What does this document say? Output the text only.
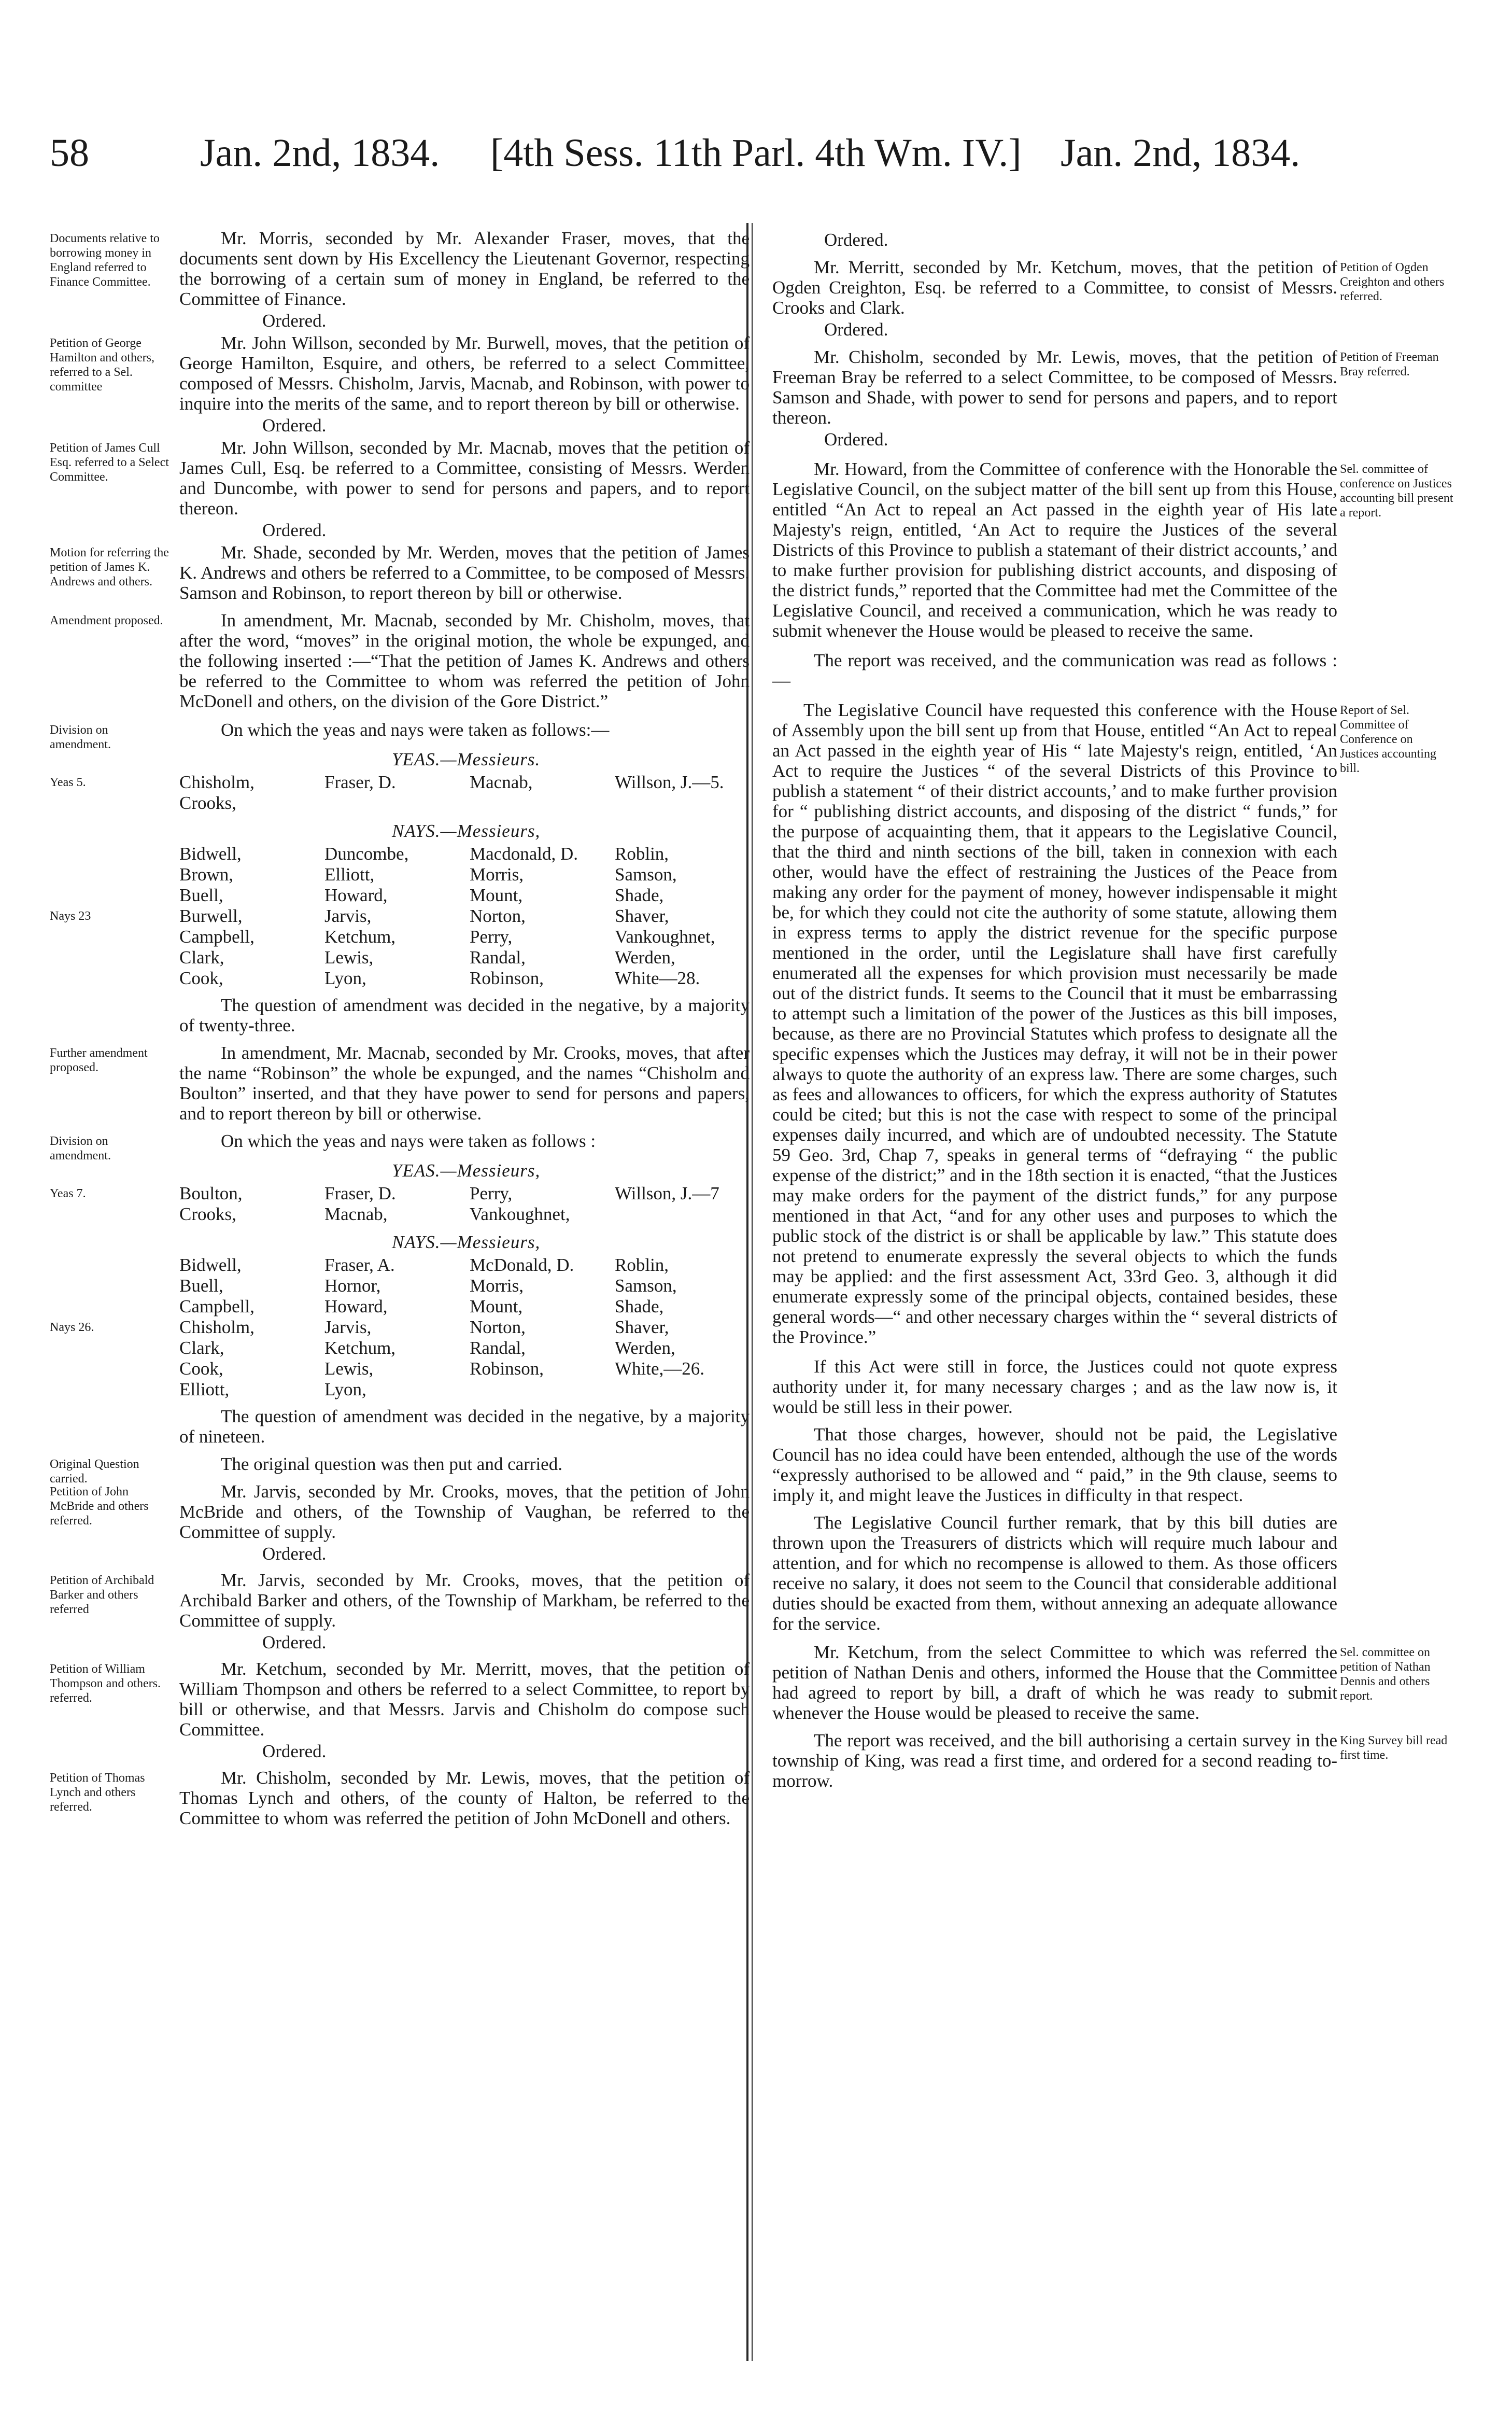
58	Jan. 2nd, 1834. [4th Sess. 11th Parl. 4th Wm. IV.] Jan. 2nd, 1834.
Documents relative to borrowing money in England referred to Finance Committee.
Mr. Morris, seconded by Mr. Alexander Fraser, moves, that the documents sent down by His Excellency the Lieutenant Governor, respecting the borrowing of a certain sum of money in England, be referred to the Committee of Finance.
Ordered.
Petition of George Hamilton and others, referred to a Sel. committee
Mr. John Willson, seconded by Mr. Burwell, moves, that the petition of George Hamilton, Esquire, and others, be referred to a select Committee, composed of Messrs. Chisholm, Jarvis, Macnab, and Robinson, with power to inquire into the merits of the same, and to report thereon by bill or otherwise.
Ordered.
Petition of James Cull Esq. referred to a Select Committee.
Mr. John Willson, seconded by Mr. Macnab, moves that the petition of James Cull, Esq. be referred to a Committee, consisting of Messrs. Werden and Duncombe, with power to send for persons and papers, and to report thereon.
Ordered.
Motion for referring the petition of James K. Andrews and others.
Mr. Shade, seconded by Mr. Werden, moves that the petition of James K. Andrews and others be referred to a Committee, to be composed of Messrs. Samson and Robinson, to report thereon by bill or otherwise.
Amendment proposed.	In amendment, Mr. Macnab, seconded by Mr. Chisholm, moves, that after the word, “moves” in the original motion, the whole be expunged, and the following inserted :—“That the petition of James K. Andrews and others be referred to the Committee to whom was referred the petition of John McDonell and others, on the division of the Gore District.”
Division on amendment.
On which the yeas and nays were taken as follows:—
YEAS.—Messieurs.
Yeas 5.	Chisholm,	Fraser, D.	Macnab,	Willson, J.—5.
Crooks,
NAYS.—Messieurs,
Nays 23
Bidwell,	Duncombe,	Macdonald, D.	Roblin,
Brown,	Elliott,	Morris,	Samson,
Buell,	Howard,	Mount,	Shade,
Burwell,	Jarvis,	Norton,	Shaver,
Campbell,	Ketchum,	Perry,	Vankoughnet,
Clark,	Lewis,	Randal,	Werden,
Cook,	Lyon,	Robinson,	White—28.
The question of amendment was decided in the negative, by a majority of twenty-three.
Further amendment proposed.
In amendment, Mr. Macnab, seconded by Mr. Crooks, moves, that after the name “Robinson” the whole be expunged, and the names “Chisholm and Boulton” inserted, and that they have power to send for persons and papers, and to report thereon by bill or otherwise.
Division on amendment.
On which the yeas and nays were taken as follows :
YEAS.—Messieurs,
Yeas 7.	Boulton,	Fraser, D.	Perry,	Willson, J.—7
Crooks,	Macnab,	Vankoughnet,
NAYS.—Messieurs,
Nays 26.
Bidwell,	Fraser, A.	McDonald, D.	Roblin,
Buell,	Hornor,	Morris,	Samson,
Campbell,	Howard,	Mount,	Shade,
Chisholm,	Jarvis,	Norton,	Shaver,
Clark,	Ketchum,	Randal,	Werden,
Cook,	Lewis,	Robinson,	White,—26.
Elliott,	Lyon,
The question of amendment was decided in the negative, by a majority of nineteen.
Original Question carried.
The original question was then put and carried.
Petition of John McBride and others referred.
Mr. Jarvis, seconded by Mr. Crooks, moves, that the petition of John McBride and others, of the Township of Vaughan, be referred to the Committee of supply.
Ordered.
Petition of Archibald Barker and others referred
Mr. Jarvis, seconded by Mr. Crooks, moves, that the petition of Archibald Barker and others, of the Township of Markham, be referred to the Committee of supply.
Ordered.
Petition of William Thompson and others. referred.
Mr. Ketchum, seconded by Mr. Merritt, moves, that the petition of William Thompson and others be referred to a select Committee, to report by bill or otherwise, and that Messrs. Jarvis and Chisholm do compose such Committee.
Ordered.
Petition of Thomas Lynch and others referred.
Mr. Chisholm, seconded by Mr. Lewis, moves, that the petition of Thomas Lynch and others, of the county of Halton, be referred to the Committee to whom was referred the petition of John McDonell and others.
Ordered.
Petition of Ogden Creighton and others referred.
Mr. Merritt, seconded by Mr. Ketchum, moves, that the petition of Ogden Creighton, Esq. be referred to a Committee, to consist of Messrs. Crooks and Clark.
Ordered.
Petition of Freeman Bray referred.
Mr. Chisholm, seconded by Mr. Lewis, moves, that the petition of Freeman Bray be referred to a select Committee, to be composed of Messrs. Samson and Shade, with power to send for persons and papers, and to report thereon.
Ordered.
Sel. committee of conference on Justices accounting bill present a report.
Mr. Howard, from the Committee of conference with the Honorable the Legislative Council, on the subject matter of the bill sent up from this House, entitled “An Act to repeal an Act passed in the eighth year of His late Majesty's reign, entitled, ‘An Act to require the Justices of the several Districts of this Province to publish a statemant of their district accounts,’ and to make further provision for publishing district accounts, and disposing of the district funds,” reported that the Committee had met the Committee of the Legislative Council, and received a communication, which he was ready to submit whenever the House would be pleased to receive the same.
The report was received, and the communication was read as follows :—
Report of Sel. Committee of Conference on Justices accounting bill.
The Legislative Council have requested this conference with the House of Assembly upon the bill sent up from that House, entitled “An Act to repeal an Act passed in the eighth year of His “ late Majesty's reign, entitled, ‘An Act to require the Justices “ of the several Districts of this Province to publish a statement “ of their district accounts,’ and to make further provision for “ publishing district accounts, and disposing of the district “ funds,” for the purpose of acquainting them, that it appears to the Legislative Council, that the third and ninth sections of the bill, taken in connexion with each other, would have the effect of restraining the Justices of the Peace from making any order for the payment of money, however indispensable it might be, for which they could not cite the authority of some statute, allowing them in express terms to apply the district revenue for the specific purpose mentioned in the order, until the Legislature shall have first carefully enumerated all the expenses for which provision must necessarily be made out of the district funds. It seems to the Council that it must be embarrassing to attempt such a limitation of the power of the Justices as this bill imposes, because, as there are no Provincial Statutes which profess to designate all the specific expenses which the Justices may defray, it will not be in their power always to quote the authority of an express law. There are some charges, such as fees and allowances to officers, for which the express authority of Statutes could be cited; but this is not the case with respect to some of the principal expenses daily incurred, and which are of undoubted necessity. The Statute 59 Geo. 3rd, Chap 7, speaks in general terms of “defraying “ the public expense of the district;” and in the 18th section it is enacted, “that the Justices may make orders for the payment of the district funds,” for any purpose mentioned in that Act, “and for any other uses and purposes to which the public stock of the district is or shall be applicable by law.” This statute does not pretend to enumerate expressly the several objects to which the funds may be applied: and the first assessment Act, 33rd Geo. 3, although it did enumerate expressly some of the principal objects, contained besides, these general words—“ and other necessary charges within the “ several districts of the Province.”
If this Act were still in force, the Justices could not quote express authority under it, for many necessary charges ; and as the law now is, it would be still less in their power.
That those charges, however, should not be paid, the Legislative Council has no idea could have been entended, although the use of the words “expressly authorised to be allowed and “ paid,” in the 9th clause, seems to imply it, and might leave the Justices in difficulty in that respect.
The Legislative Council further remark, that by this bill duties are thrown upon the Treasurers of districts which will require much labour and attention, and for which no recompense is allowed to them. As those officers receive no salary, it does not seem to the Council that considerable additional duties should be exacted from them, without annexing an adequate allowance for the service.
Sel. committee on petition of Nathan Dennis and others report.
Mr. Ketchum, from the select Committee to which was referred the petition of Nathan Denis and others, informed the House that the Committee had agreed to report by bill, a draft of which he was ready to submit whenever the House would be pleased to receive the same.
King Survey bill read first time.
The report was received, and the bill authorising a certain survey in the township of King, was read a first time, and ordered for a second reading to-morrow.
